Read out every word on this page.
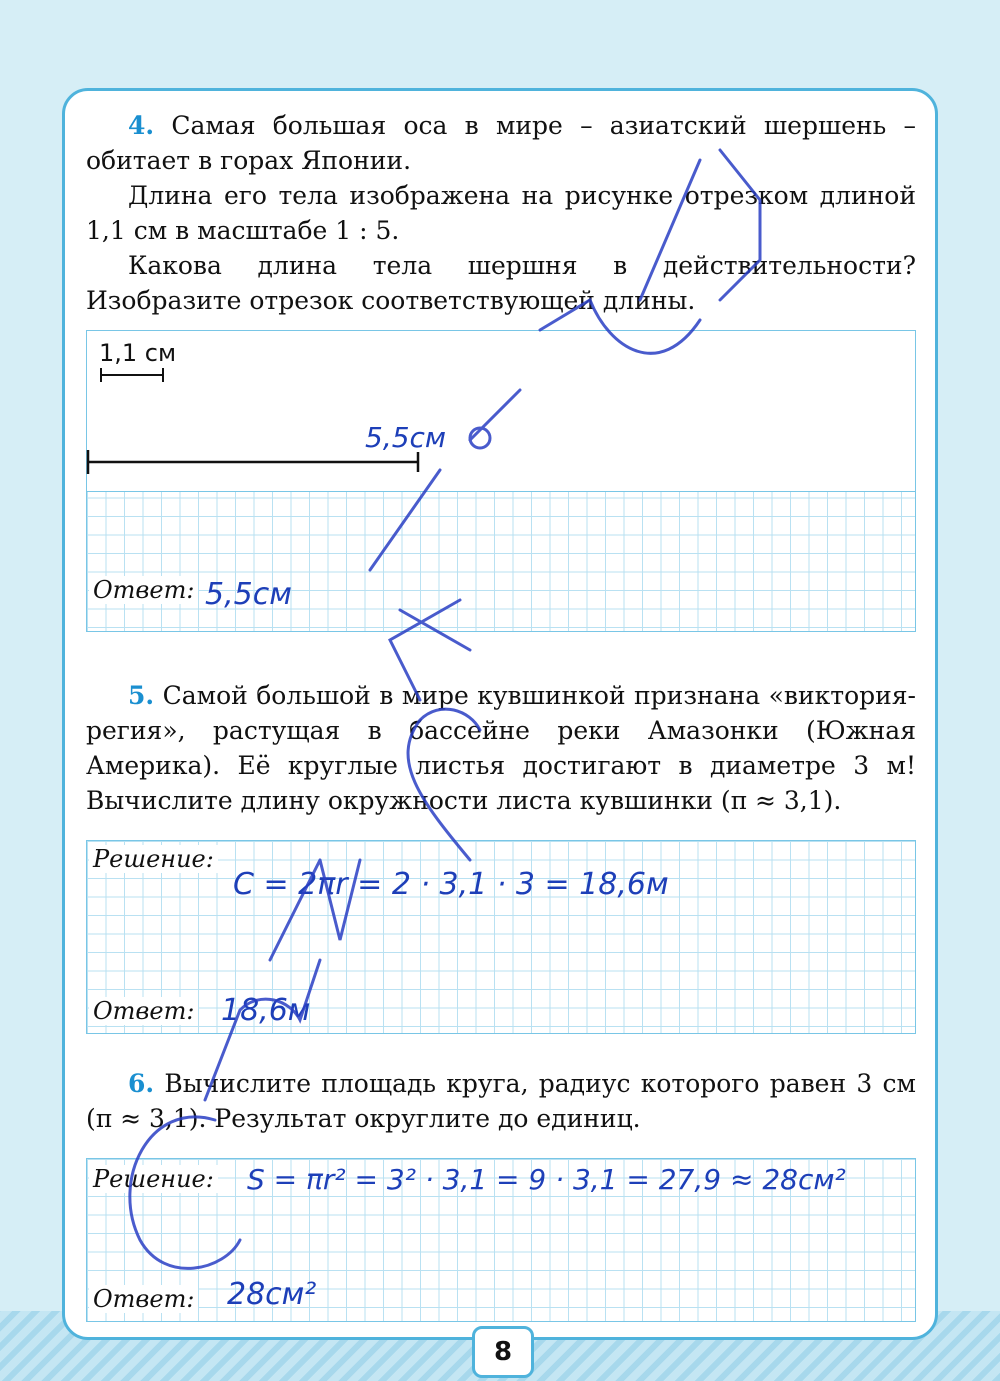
4. Самая большая оса в мире – азиатский шершень – обитает в горах Японии.

Длина его тела изображена на рисунке отрезком длиной 1,1 см в масштабе 1 : 5.

Какова длина тела шершня в действительности? Изобразите отрезок соответствующей длины.

1,1 см
5,5см
Ответ: 5,5см

5. Самой большой в мире кувшинкой признана «виктория-регия», растущая в бассейне реки Амазонки (Южная Америка). Её круглые листья достигают в диаметре 3 м! Вычислите длину окружности листа кувшинки (π ≈ 3,1).

Решение:
C = 2πr = 2 · 3,1 · 3 = 18,6м
Ответ: 18,6м

6. Вычислите площадь круга, радиус которого равен 3 см (π ≈ 3,1). Результат округлите до единиц.

Решение: S = πr² = 3² · 3,1 = 9 · 3,1 = 27,9 ≈ 28см²
Ответ: 28см²
8
